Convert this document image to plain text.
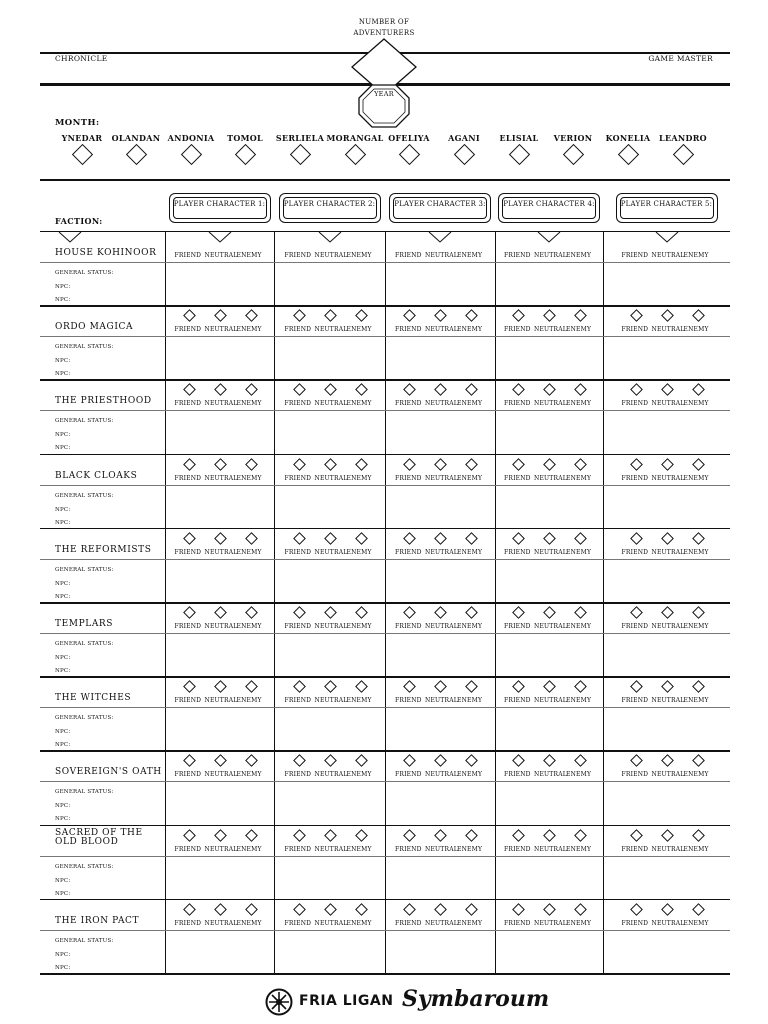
CHRONICLE	GAME MASTER
NUMBER OF
ADVENTURERS
YEAR
MONTH:
YNEDAR	OLANDAN ANDONIA	TOMOL	SERLIELA MORANGAL OFELIYA	AGANI	ELISIAL	VERION	KONELIA	LEANDRO
FACTION:
PLAYER CHARACTER 1:	PLAYER CHARACTER 2:	PLAYER CHARACTER 3:	PLAYER CHARACTER 4:	PLAYER CHARACTER 5:
HOUSE KOHINOOR
GENERAL STATUS:
NPC:
NPC:
FRIEND NEUTRAL ENEMY	FRIEND NEUTRAL ENEMY	FRIEND NEUTRAL ENEMY	FRIEND NEUTRAL ENEMY	FRIEND NEUTRAL ENEMY
ORDO MAGICA
GENERAL STATUS:
NPC:
NPC:
FRIEND NEUTRAL ENEMY	FRIEND NEUTRAL ENEMY	FRIEND NEUTRAL ENEMY	FRIEND NEUTRAL ENEMY	FRIEND NEUTRAL ENEMY
THE PRIESTHOOD
GENERAL STATUS:
NPC:
NPC:
FRIEND NEUTRAL ENEMY	FRIEND NEUTRAL ENEMY	FRIEND NEUTRAL ENEMY	FRIEND NEUTRAL ENEMY	FRIEND NEUTRAL ENEMY
BLACK CLOAKS
GENERAL STATUS:
NPC:
NPC:
FRIEND NEUTRAL ENEMY	FRIEND NEUTRAL ENEMY	FRIEND NEUTRAL ENEMY	FRIEND NEUTRAL ENEMY	FRIEND NEUTRAL ENEMY
THE REFORMISTS
GENERAL STATUS:
NPC:
NPC:
FRIEND NEUTRAL ENEMY	FRIEND NEUTRAL ENEMY	FRIEND NEUTRAL ENEMY	FRIEND NEUTRAL ENEMY	FRIEND NEUTRAL ENEMY
TEMPLARS
GENERAL STATUS:
NPC:
NPC:
FRIEND NEUTRAL ENEMY	FRIEND NEUTRAL ENEMY	FRIEND NEUTRAL ENEMY	FRIEND NEUTRAL ENEMY	FRIEND NEUTRAL ENEMY
THE WITCHES
GENERAL STATUS:
NPC:
NPC:
FRIEND NEUTRAL ENEMY	FRIEND NEUTRAL ENEMY	FRIEND NEUTRAL ENEMY	FRIEND NEUTRAL ENEMY	FRIEND NEUTRAL ENEMY
SOVEREIGN'S OATH
GENERAL STATUS:
NPC:
NPC:
FRIEND NEUTRAL ENEMY	FRIEND NEUTRAL ENEMY	FRIEND NEUTRAL ENEMY	FRIEND NEUTRAL ENEMY	FRIEND NEUTRAL ENEMY
SACRED OF THE
OLD BLOOD
GENERAL STATUS:
NPC:
NPC:
FRIEND NEUTRAL ENEMY	FRIEND NEUTRAL ENEMY	FRIEND NEUTRAL ENEMY	FRIEND NEUTRAL ENEMY	FRIEND NEUTRAL ENEMY
THE IRON PACT
GENERAL STATUS:
NPC:
NPC:
FRIEND NEUTRAL ENEMY	FRIEND NEUTRAL ENEMY	FRIEND NEUTRAL ENEMY	FRIEND NEUTRAL ENEMY	FRIEND NEUTRAL ENEMY
FRIA LIGAN Symbaroum
